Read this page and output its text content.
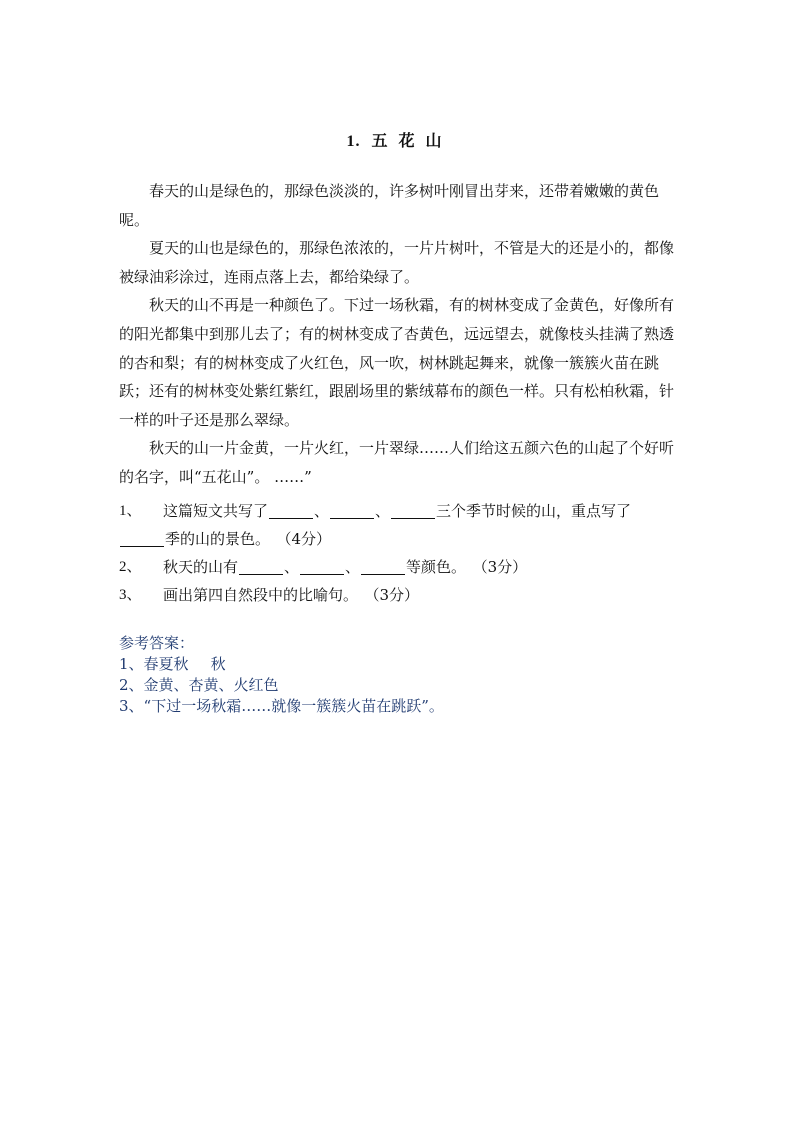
1. 五 花 山

春天的山是绿色的，那绿色淡淡的，许多树叶刚冒出芽来，还带着嫩嫩的黄色呢。

夏天的山也是绿色的，那绿色浓浓的，一片片树叶，不管是大的还是小的，都像被绿油彩涂过，连雨点落上去，都给染绿了。

秋天的山不再是一种颜色了。下过一场秋霜，有的树林变成了金黄色，好像所有的阳光都集中到那儿去了；有的树林变成了杏黄色，远远望去，就像枝头挂满了熟透的杏和梨；有的树林变成了火红色，风一吹，树林跳起舞来，就像一簇簇火苗在跳跃；还有的树林变处紫红紫红，跟剧场里的紫绒幕布的颜色一样。只有松柏秋霜，针一样的叶子还是那么翠绿。

秋天的山一片金黄，一片火红，一片翠绿……人们给这五颜六色的山起了个好听的名字，叫“五花山”。 ……”

1、 这篇短文共写了	、	、	三个季节时候的山，重点写了
季的山的景色。 （4分）
2、 秋天的山有	、	、	等颜色。 （3分）
3、 画出第四自然段中的比喻句。 （3分）
参考答案：
1、春夏秋 秋
2、金黄、杏黄、火红色
3、“下过一场秋霜……就像一簇簇火苗在跳跃”。
